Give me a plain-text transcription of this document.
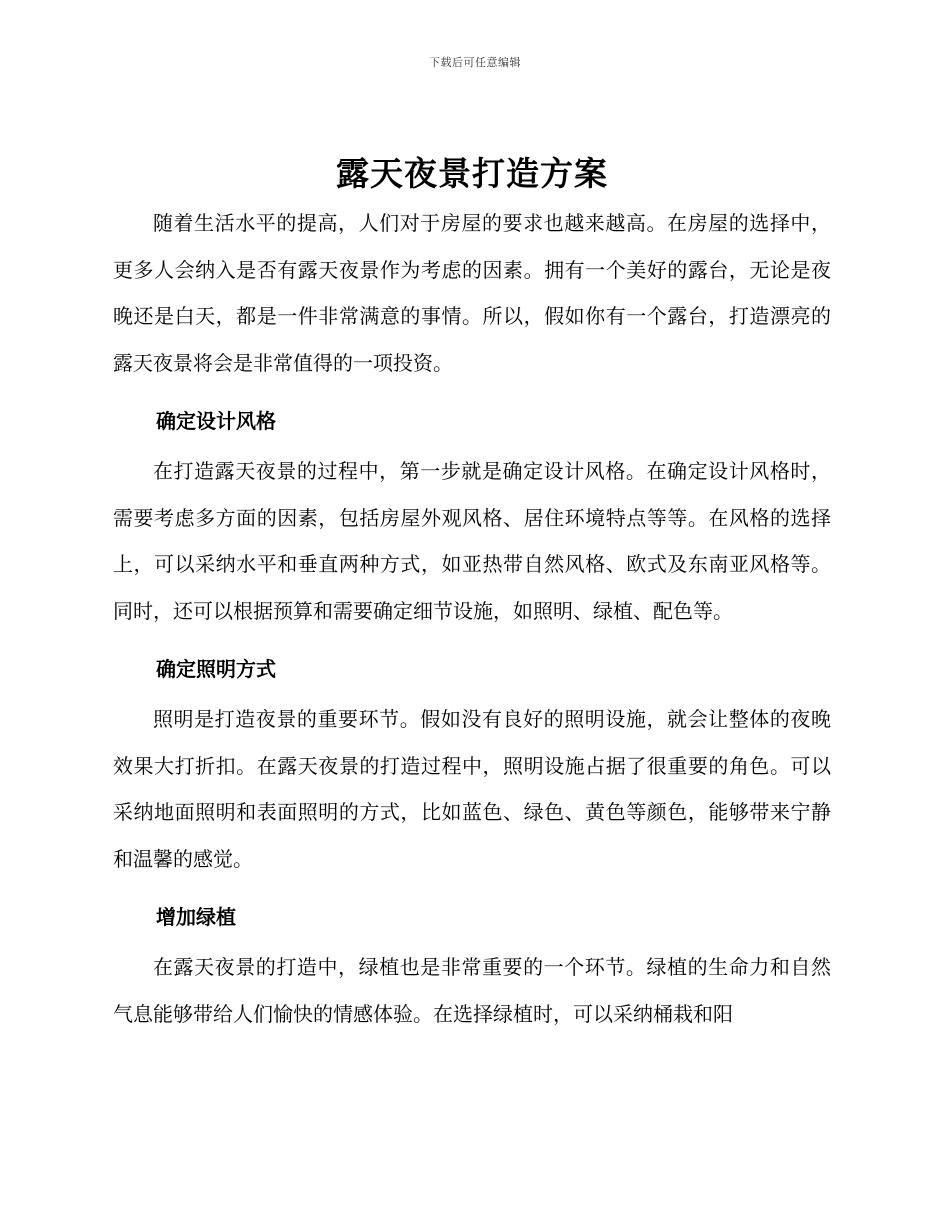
下载后可任意编辑
露天夜景打造方案

随着生活水平的提高，人们对于房屋的要求也越来越高。在房屋的选择中，更多人会纳入是否有露天夜景作为考虑的因素。拥有一个美好的露台，无论是夜晚还是白天，都是一件非常满意的事情。所以，假如你有一个露台，打造漂亮的露天夜景将会是非常值得的一项投资。

确定设计风格

在打造露天夜景的过程中，第一步就是确定设计风格。在确定设计风格时，需要考虑多方面的因素，包括房屋外观风格、居住环境特点等等。在风格的选择上，可以采纳水平和垂直两种方式，如亚热带自然风格、欧式及东南亚风格等。同时，还可以根据预算和需要确定细节设施，如照明、绿植、配色等。

确定照明方式

照明是打造夜景的重要环节。假如没有良好的照明设施，就会让整体的夜晚效果大打折扣。在露天夜景的打造过程中，照明设施占据了很重要的角色。可以采纳地面照明和表面照明的方式，比如蓝色、绿色、黄色等颜色，能够带来宁静和温馨的感觉。

增加绿植

在露天夜景的打造中，绿植也是非常重要的一个环节。绿植的生命力和自然气息能够带给人们愉快的情感体验。在选择绿植时，可以采纳桶栽和阳
